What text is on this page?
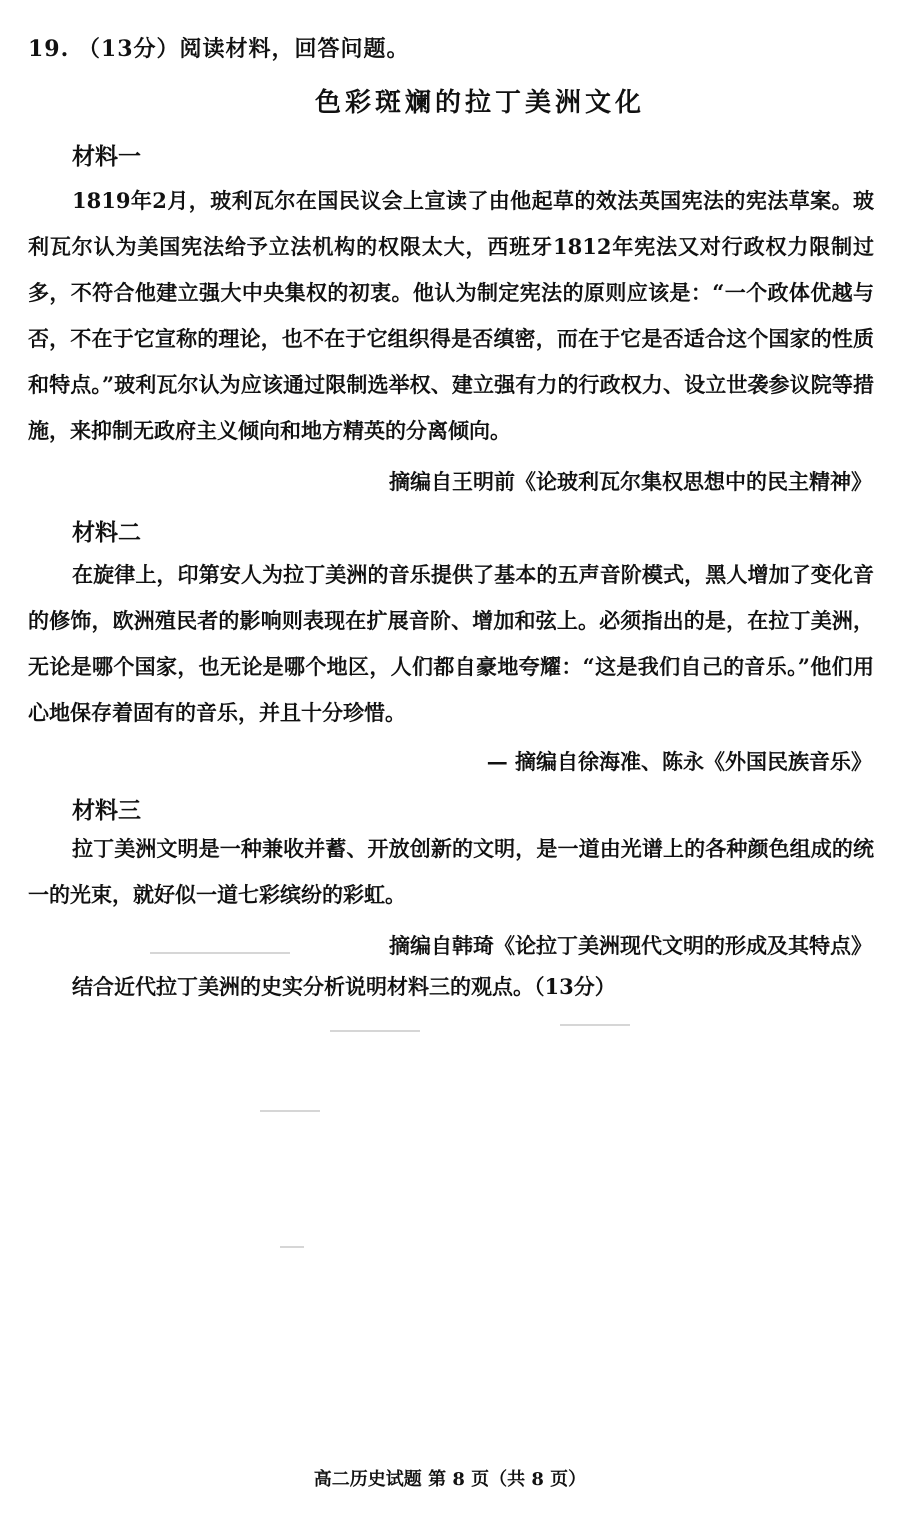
19. （13分）阅读材料，回答问题。
色彩斑斓的拉丁美洲文化
材料一
1819年2月，玻利瓦尔在国民议会上宣读了由他起草的效法英国宪法的宪法草案。玻利瓦尔认为美国宪法给予立法机构的权限太大，西班牙1812年宪法又对行政权力限制过多，不符合他建立强大中央集权的初衷。他认为制定宪法的原则应该是：“一个政体优越与否，不在于它宣称的理论，也不在于它组织得是否缜密，而在于它是否适合这个国家的性质和特点。”玻利瓦尔认为应该通过限制选举权、建立强有力的行政权力、设立世袭参议院等措施，来抑制无政府主义倾向和地方精英的分离倾向。
摘编自王明前《论玻利瓦尔集权思想中的民主精神》
材料二
在旋律上，印第安人为拉丁美洲的音乐提供了基本的五声音阶模式，黑人增加了变化音的修饰，欧洲殖民者的影响则表现在扩展音阶、增加和弦上。必须指出的是，在拉丁美洲，无论是哪个国家，也无论是哪个地区，人们都自豪地夸耀：“这是我们自己的音乐。”他们用心地保存着固有的音乐，并且十分珍惜。
— 摘编自徐海准、陈永《外国民族音乐》
材料三
拉丁美洲文明是一种兼收并蓄、开放创新的文明，是一道由光谱上的各种颜色组成的统一的光束，就好似一道七彩缤纷的彩虹。
摘编自韩琦《论拉丁美洲现代文明的形成及其特点》
结合近代拉丁美洲的史实分析说明材料三的观点。（13分）
高二历史试题 第 8 页（共 8 页）
